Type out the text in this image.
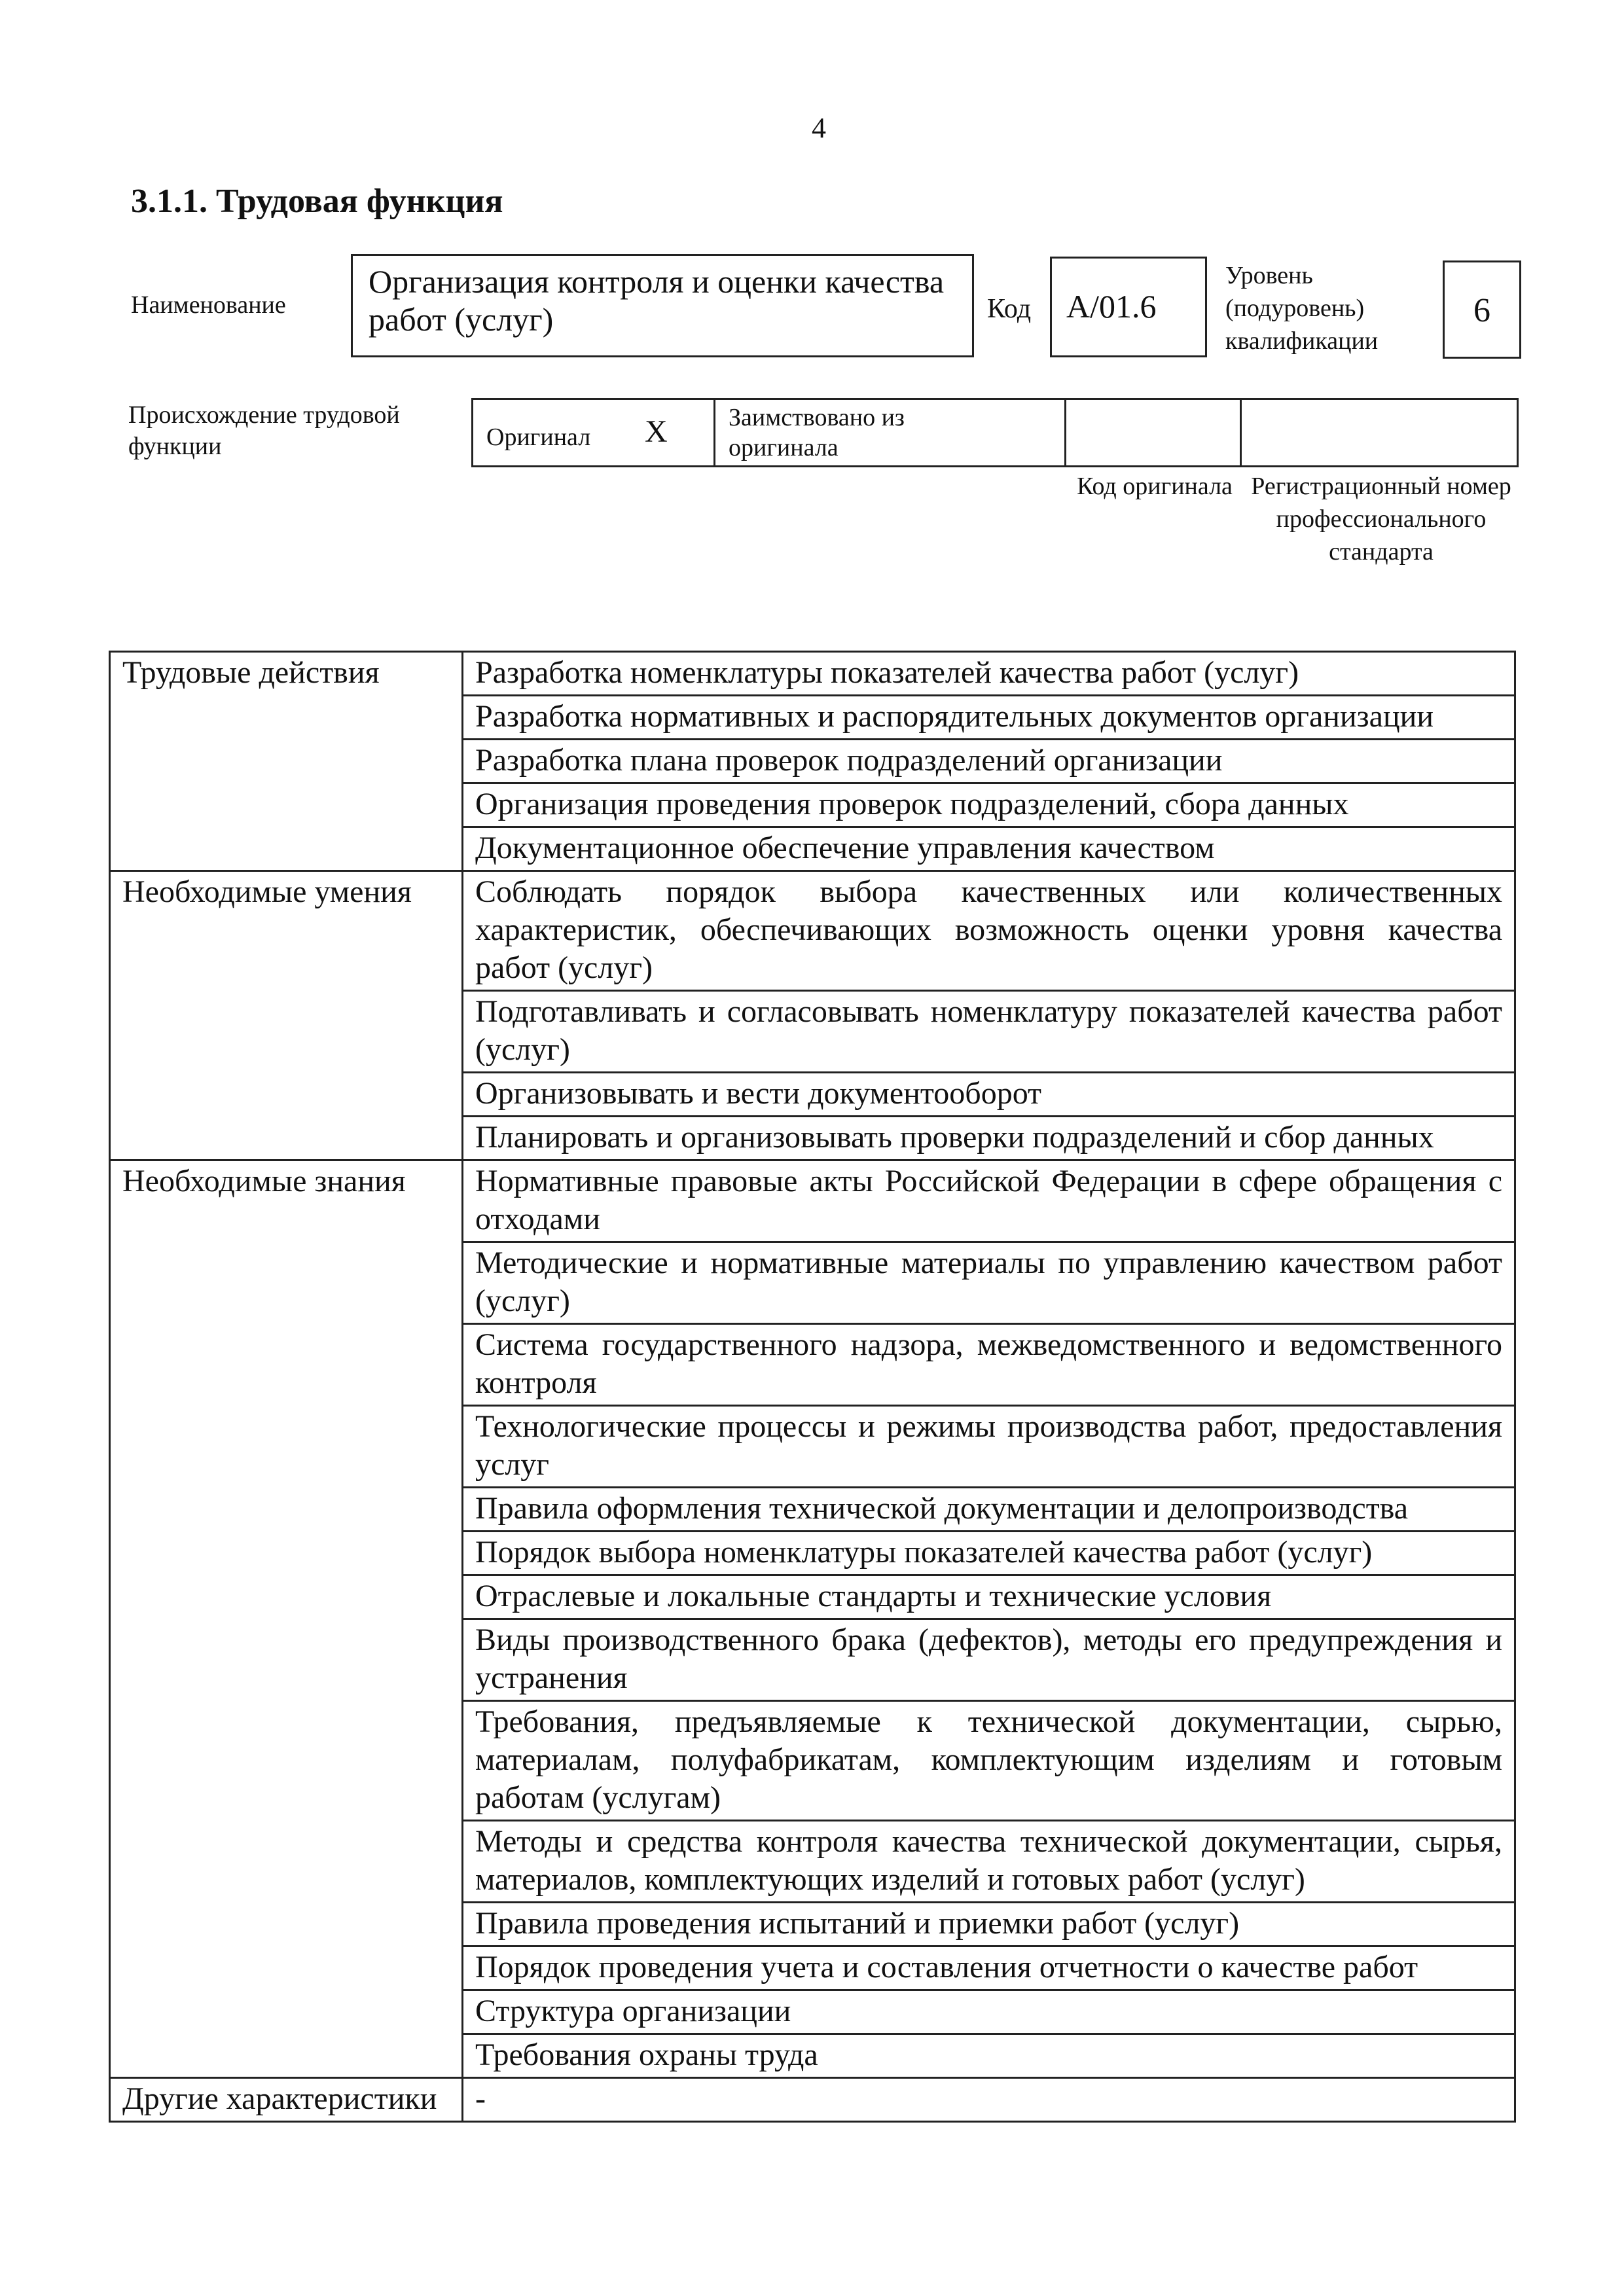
4
3.1.1. Трудовая функция
Наименование
Организация контроля и оценки качества работ (услуг)	Код A/01.6
Уровень
(подуровень)
квалификации
6
Происхождение трудовой функции	Оригинал X Заимствовано из оригинала
Код оригинала Регистрационный номер профессионального стандарта
Трудовые действия	Разработка номенклатуры показателей качества работ (услуг)
	Разработка нормативных и распорядительных документов организации
	Разработка плана проверок подразделений организации
	Организация проведения проверок подразделений, сбора данных
	Документационное обеспечение управления качеством
Необходимые умения	Соблюдать порядок выбора качественных или количественных характеристик, обеспечивающих возможность оценки уровня качества работ (услуг)
	Подготавливать и согласовывать номенклатуру показателей качества работ (услуг)
	Организовывать и вести документооборот
	Планировать и организовывать проверки подразделений и сбор данных
Необходимые знания	Нормативные правовые акты Российской Федерации в сфере обращения с отходами
	Методические и нормативные материалы по управлению качеством работ (услуг)
	Система государственного надзора, межведомственного и ведомственного контроля
	Технологические процессы и режимы производства работ, предоставления услуг
	Правила оформления технической документации и делопроизводства
	Порядок выбора номенклатуры показателей качества работ (услуг)
	Отраслевые и локальные стандарты и технические условия
	Виды производственного брака (дефектов), методы его предупреждения и устранения
	Требования, предъявляемые к технической документации, сырью, материалам, полуфабрикатам, комплектующим изделиям и готовым работам (услугам)
	Методы и средства контроля качества технической документации, сырья, материалов, комплектующих изделий и готовых работ (услуг)
	Правила проведения испытаний и приемки работ (услуг)
	Порядок проведения учета и составления отчетности о качестве работ
	Структура организации
	Требования охраны труда
Другие характеристики	-
